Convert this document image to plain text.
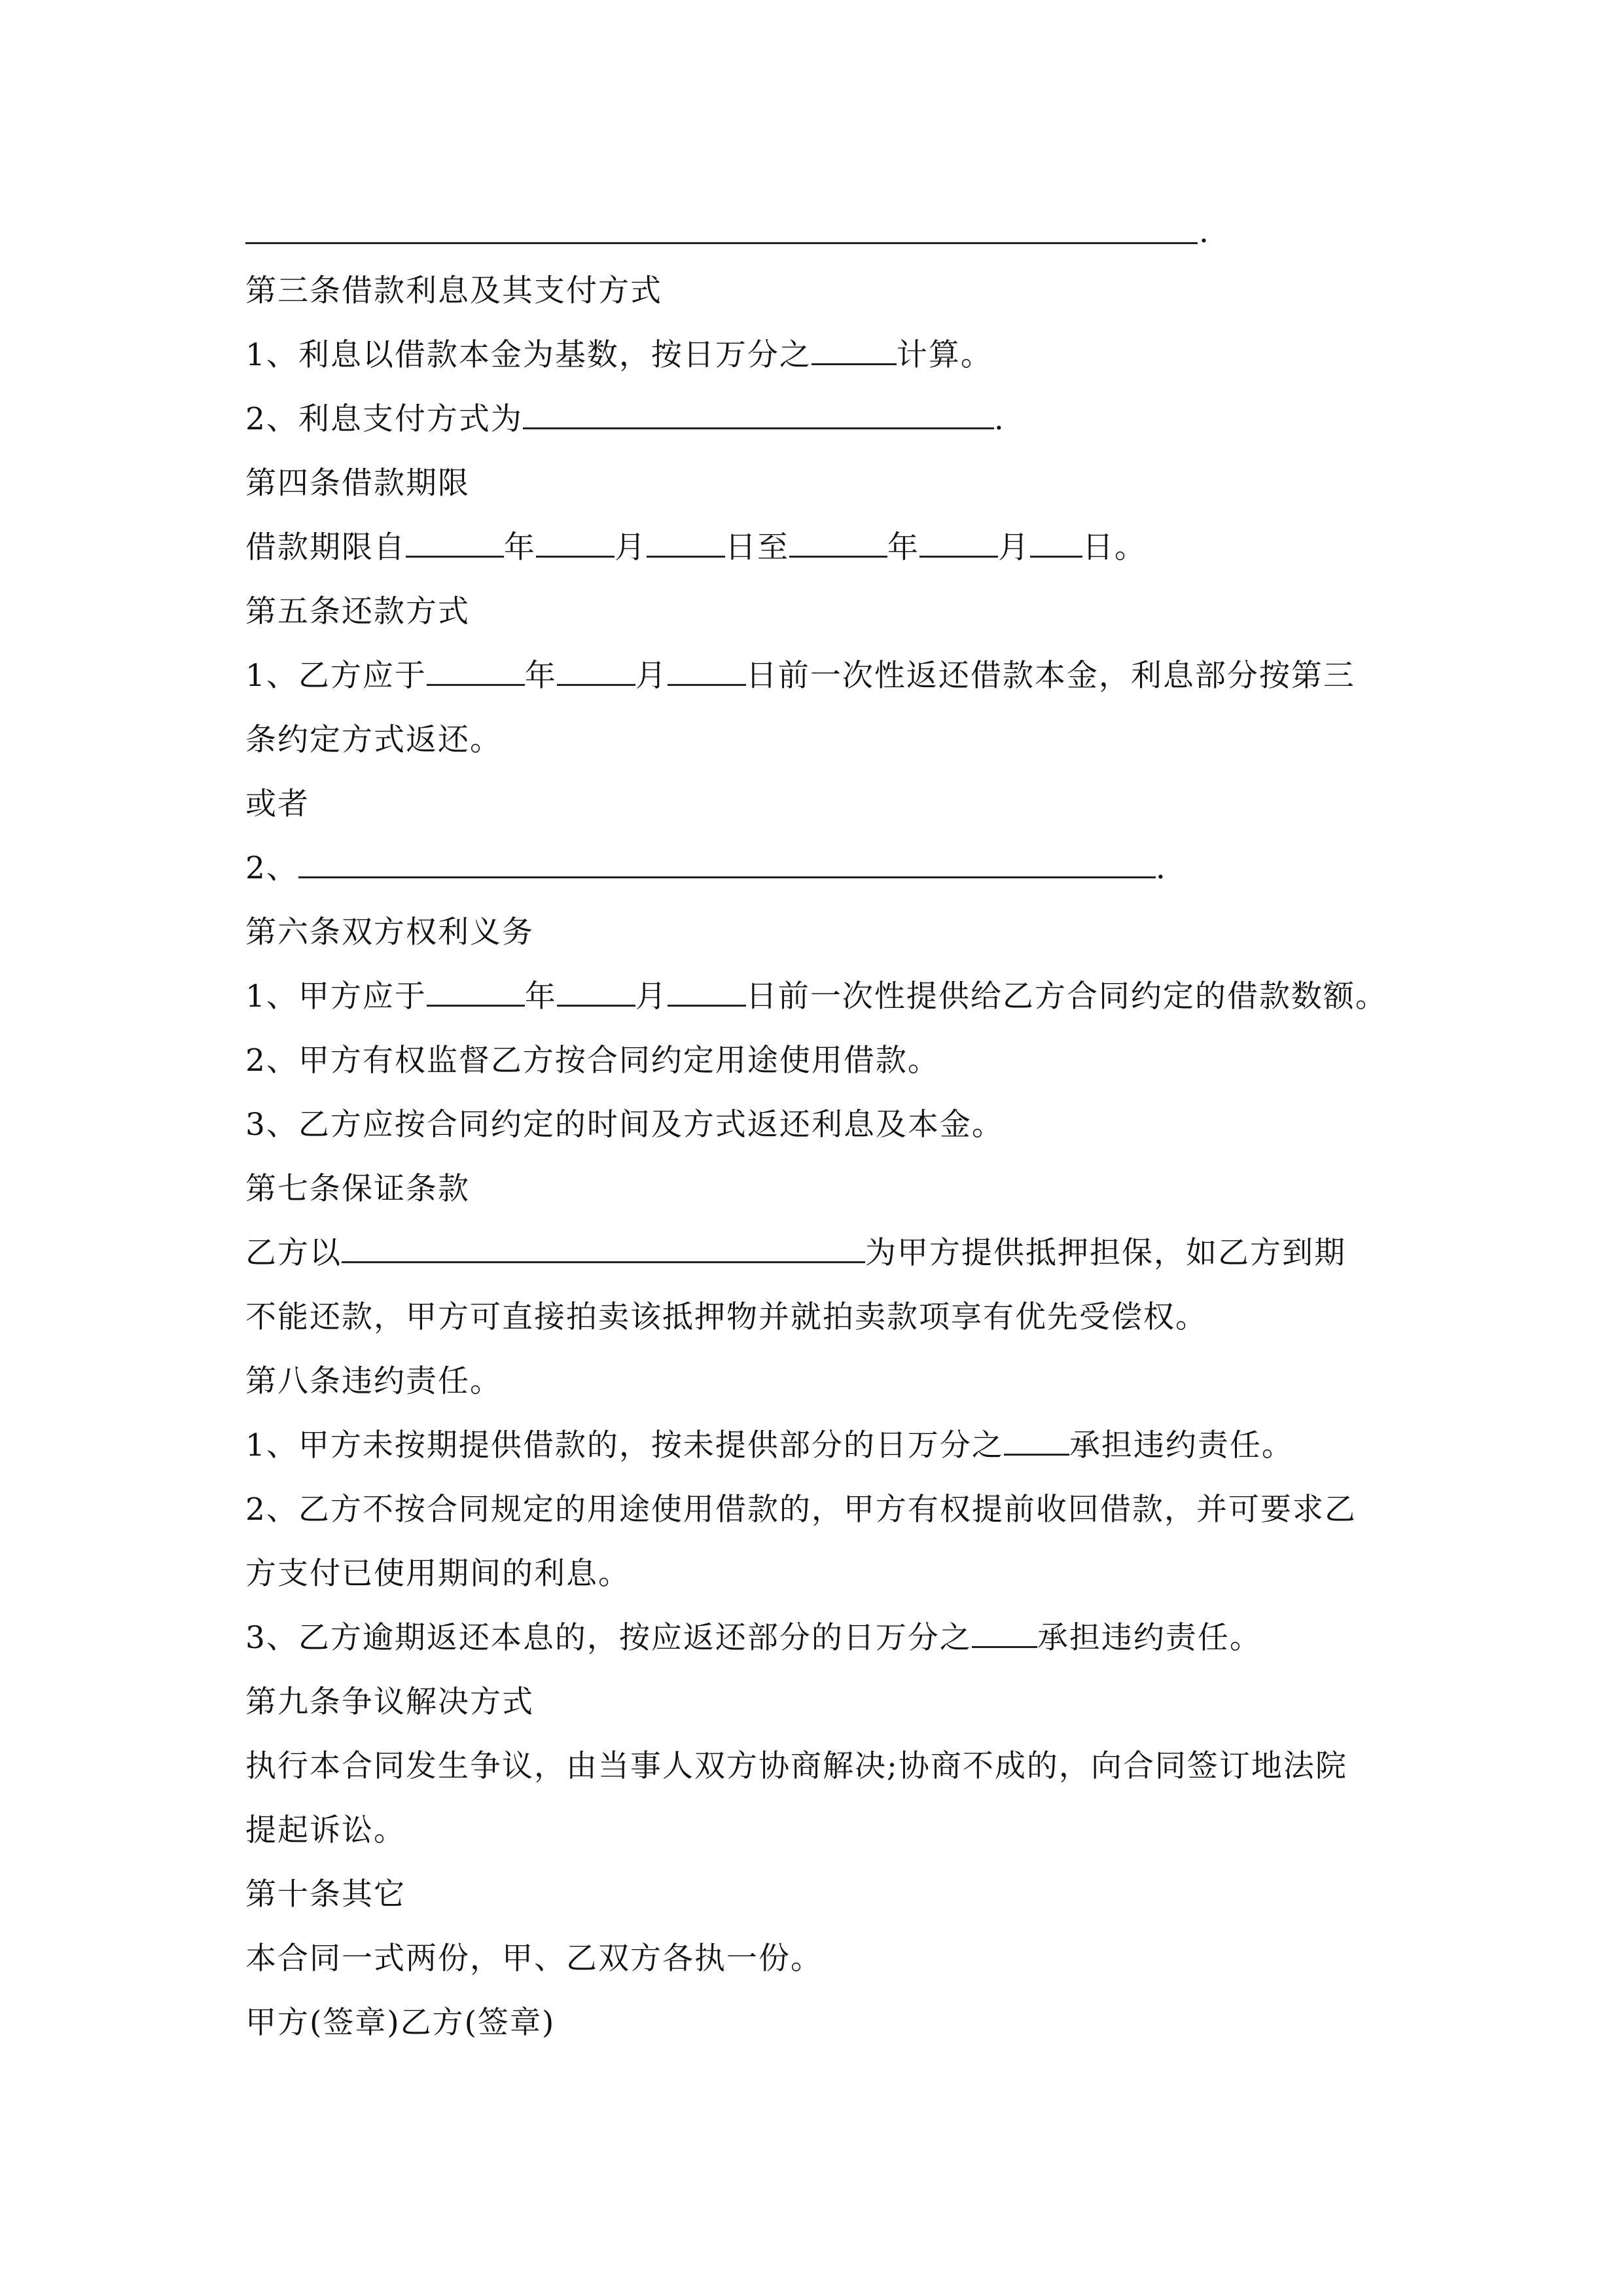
.

第三条借款利息及其支付方式

1、利息以借款本金为基数，按日万分之	计算。

2、利息支付方式为	.

第四条借款期限

借款期限自	年	月	日至	年	月 日。

第五条还款方式

1、乙方应于	年	月	日前一次性返还借款本金，利息部分按第三

条约定方式返还。

或者

2、	.

第六条双方权利义务

1、甲方应于	年	月	日前一次性提供给乙方合同约定的借款数额。

2、甲方有权监督乙方按合同约定用途使用借款。

3、乙方应按合同约定的时间及方式返还利息及本金。

第七条保证条款

乙方以	为甲方提供抵押担保，如乙方到期

不能还款，甲方可直接拍卖该抵押物并就拍卖款项享有优先受偿权。

第八条违约责任。

1、甲方未按期提供借款的，按未提供部分的日万分之 承担违约责任。

2、乙方不按合同规定的用途使用借款的，甲方有权提前收回借款，并可要求乙

方支付已使用期间的利息。

3、乙方逾期返还本息的，按应返还部分的日万分之 承担违约责任。

第九条争议解决方式

执行本合同发生争议，由当事人双方协商解决;协商不成的，向合同签订地法院

提起诉讼。

第十条其它

本合同一式两份，甲、乙双方各执一份。

甲方(签章)乙方(签章)
